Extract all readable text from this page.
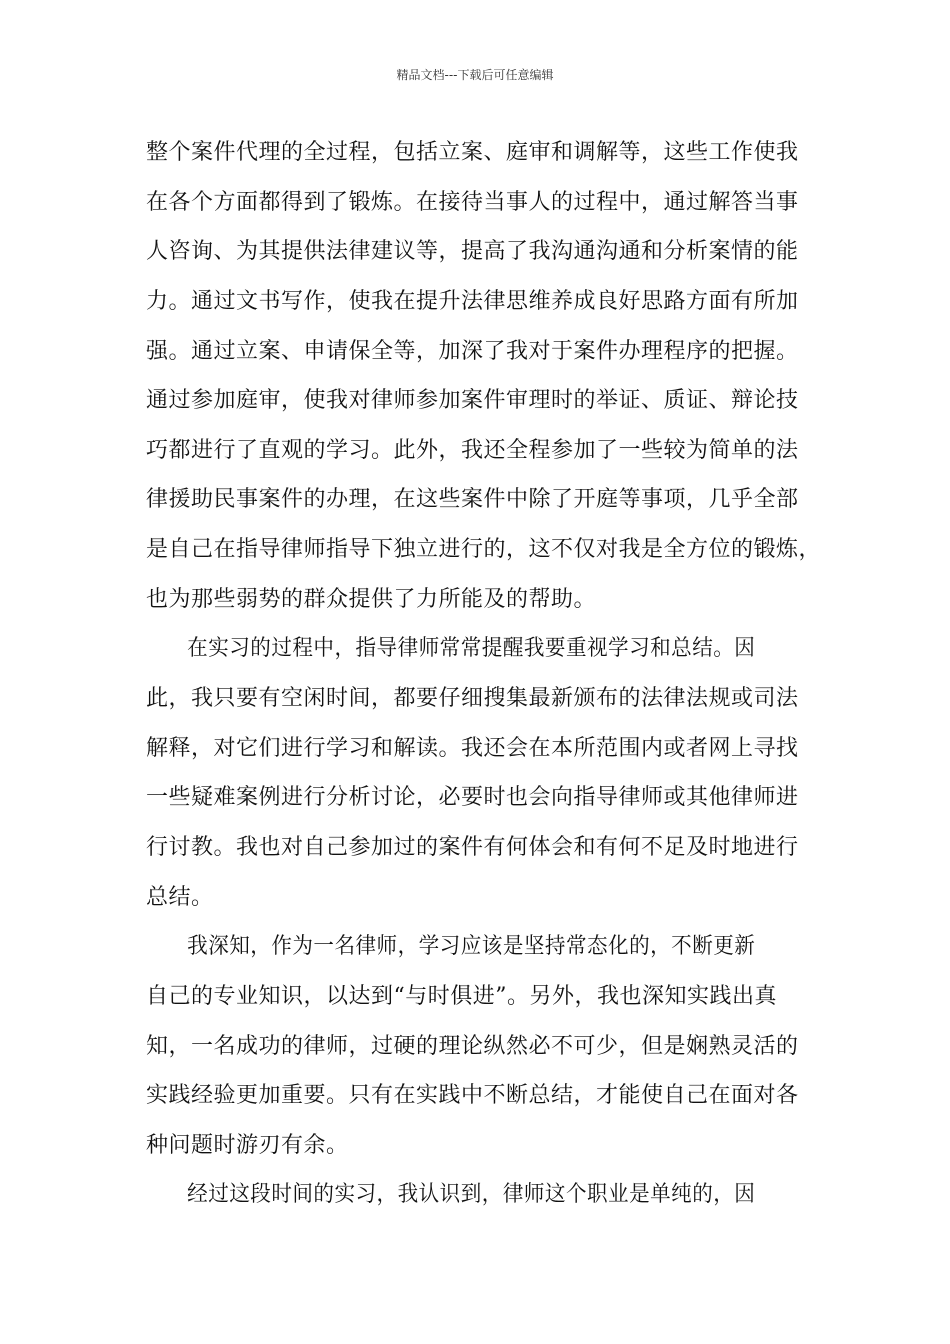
精品文档---下载后可任意编辑
整个案件代理的全过程，包括立案、庭审和调解等，这些工作使我
在各个方面都得到了锻炼。在接待当事人的过程中，通过解答当事
人咨询、为其提供法律建议等，提高了我沟通沟通和分析案情的能
力。通过文书写作，使我在提升法律思维养成良好思路方面有所加
强。通过立案、申请保全等，加深了我对于案件办理程序的把握。
通过参加庭审，使我对律师参加案件审理时的举证、质证、辩论技
巧都进行了直观的学习。此外，我还全程参加了一些较为简单的法
律援助民事案件的办理，在这些案件中除了开庭等事项，几乎全部
是自己在指导律师指导下独立进行的，这不仅对我是全方位的锻炼，
也为那些弱势的群众提供了力所能及的帮助。
在实习的过程中，指导律师常常提醒我要重视学习和总结。因
此，我只要有空闲时间，都要仔细搜集最新颁布的法律法规或司法
解释，对它们进行学习和解读。我还会在本所范围内或者网上寻找
一些疑难案例进行分析讨论，必要时也会向指导律师或其他律师进
行讨教。我也对自己参加过的案件有何体会和有何不足及时地进行
总结。
我深知，作为一名律师，学习应该是坚持常态化的，不断更新
自己的专业知识，以达到“与时俱进”。另外，我也深知实践出真
知，一名成功的律师，过硬的理论纵然必不可少，但是娴熟灵活的
实践经验更加重要。只有在实践中不断总结，才能使自己在面对各
种问题时游刃有余。
经过这段时间的实习，我认识到，律师这个职业是单纯的，因
